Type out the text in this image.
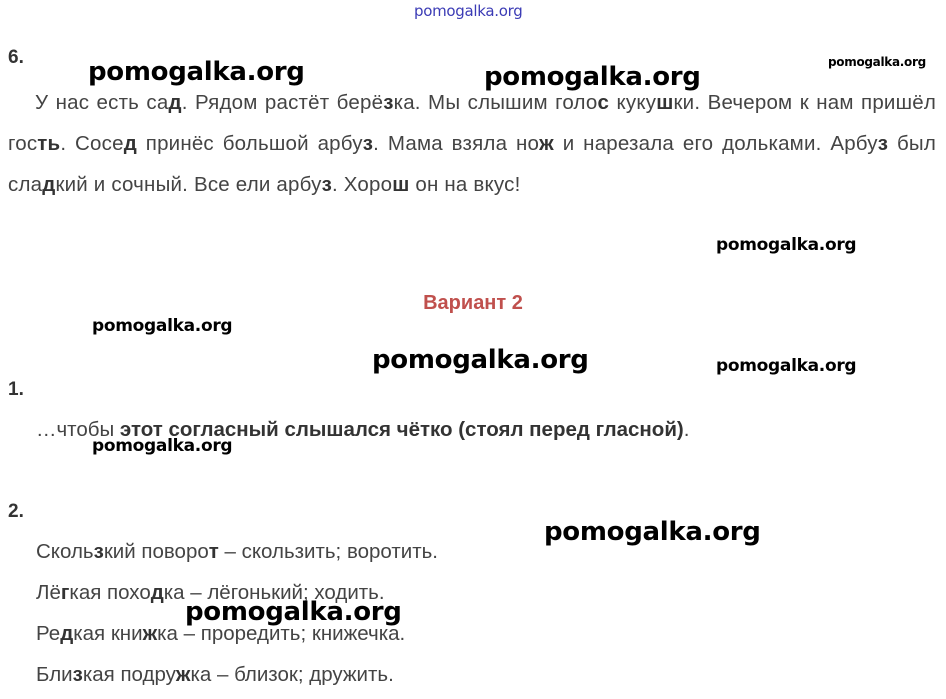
pomogalka.org
6.
У нас есть сад. Рядом растёт берёзка. Мы слышим голос кукушки. Вечером к нам пришёл гость. Сосед принёс большой арбуз. Мама взяла нож и нарезала его дольками. Арбуз был сладкий и сочный. Все ели арбуз. Хорош он на вкус!
Вариант 2
1.
…чтобы этот согласный слышался чётко (стоял перед гласной).
2.
Скользкий поворот – скользить; воротить.
Лёгкая походка – лёгонький; ходить.
Редкая книжка – проредить; книжечка.
Близкая подружка – близок; дружить.
pomogalka.org	pomogalka.org	pomogalka.org
pomogalka.org
pomogalka.org
pomogalka.org	pomogalka.org
pomogalka.org
pomogalka.org
pomogalka.org
